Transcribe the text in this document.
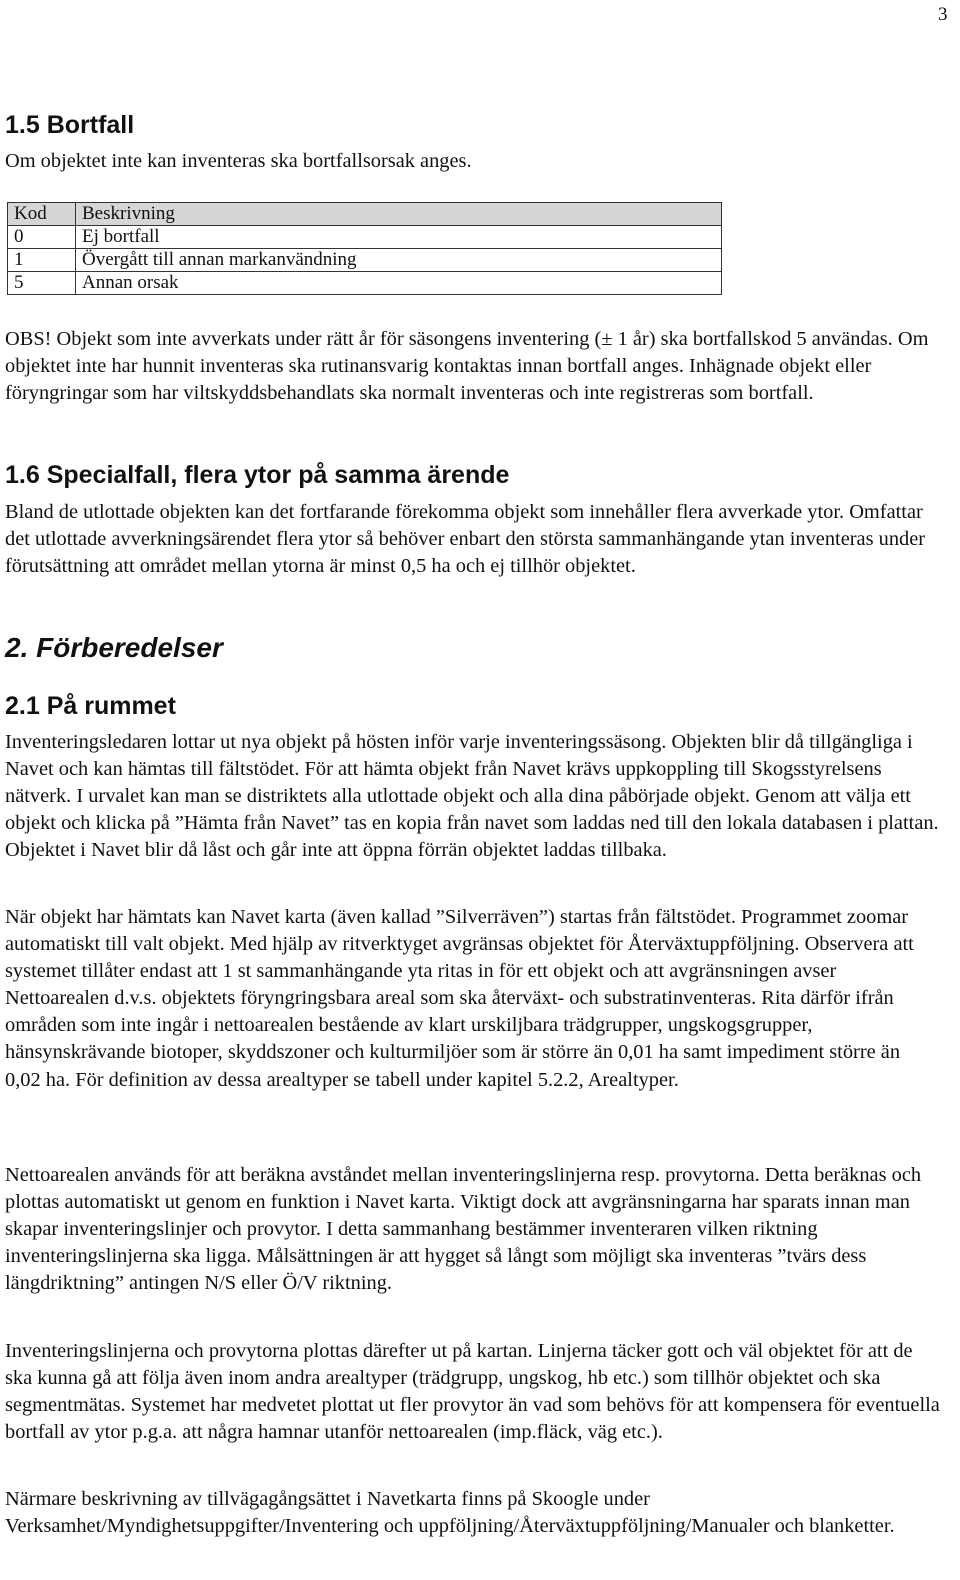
3
1.5 Bortfall

Om objektet inte kan inventeras ska bortfallsorsak anges.

Kod	Beskrivning
0	Ej bortfall
1	Övergått till annan markanvändning
5	Annan orsak

OBS! Objekt som inte avverkats under rätt år för säsongens inventering (± 1 år) ska bortfallskod 5 användas. Om objektet inte har hunnit inventeras ska rutinansvarig kontaktas innan bortfall anges. Inhägnade objekt eller föryngringar som har viltskyddsbehandlats ska normalt inventeras och inte registreras som bortfall.

1.6 Specialfall, flera ytor på samma ärende

Bland de utlottade objekten kan det fortfarande förekomma objekt som innehåller flera avverkade ytor. Omfattar det utlottade avverkningsärendet flera ytor så behöver enbart den största sammanhängande ytan inventeras under förutsättning att området mellan ytorna är minst 0,5 ha och ej tillhör objektet.

2. Förberedelser
2.1 På rummet

Inventeringsledaren lottar ut nya objekt på hösten inför varje inventeringssäsong. Objekten blir då tillgängliga i Navet och kan hämtas till fältstödet. För att hämta objekt från Navet krävs uppkoppling till Skogsstyrelsens nätverk. I urvalet kan man se distriktets alla utlottade objekt och alla dina påbörjade objekt. Genom att välja ett objekt och klicka på ”Hämta från Navet” tas en kopia från navet som laddas ned till den lokala databasen i plattan. Objektet i Navet blir då låst och går inte att öppna förrän objektet laddas tillbaka.

När objekt har hämtats kan Navet karta (även kallad ”Silverräven”) startas från fältstödet. Programmet zoomar automatiskt till valt objekt. Med hjälp av ritverktyget avgränsas objektet för Återväxtuppföljning. Observera att systemet tillåter endast att 1 st sammanhängande yta ritas in för ett objekt och att avgränsningen avser Nettoarealen d.v.s. objektets föryngringsbara areal som ska återväxt- och substratinventeras. Rita därför ifrån områden som inte ingår i nettoarealen bestående av klart urskiljbara trädgrupper, ungskogsgrupper, hänsynskrävande biotoper, skyddszoner och kulturmiljöer som är större än 0,01 ha samt impediment större än 0,02 ha. För definition av dessa arealtyper se tabell under kapitel 5.2.2, Arealtyper.

Nettoarealen används för att beräkna avståndet mellan inventeringslinjerna resp. provytorna. Detta beräknas och plottas automatiskt ut genom en funktion i Navet karta. Viktigt dock att avgränsningarna har sparats innan man skapar inventeringslinjer och provytor. I detta sammanhang bestämmer inventeraren vilken riktning inventeringslinjerna ska ligga. Målsättningen är att hygget så långt som möjligt ska inventeras ”tvärs dess längdriktning” antingen N/S eller Ö/V riktning.

Inventeringslinjerna och provytorna plottas därefter ut på kartan. Linjerna täcker gott och väl objektet för att de ska kunna gå att följa även inom andra arealtyper (trädgrupp, ungskog, hb etc.) som tillhör objektet och ska segmentmätas. Systemet har medvetet plottat ut fler provytor än vad som behövs för att kompensera för eventuella bortfall av ytor p.g.a. att några hamnar utanför nettoarealen (imp.fläck, väg etc.).

Närmare beskrivning av tillvägagångsättet i Navetkarta finns på Skoogle under Verksamhet/Myndighetsuppgifter/Inventering och uppföljning/Återväxtuppföljning/Manualer och blanketter.
